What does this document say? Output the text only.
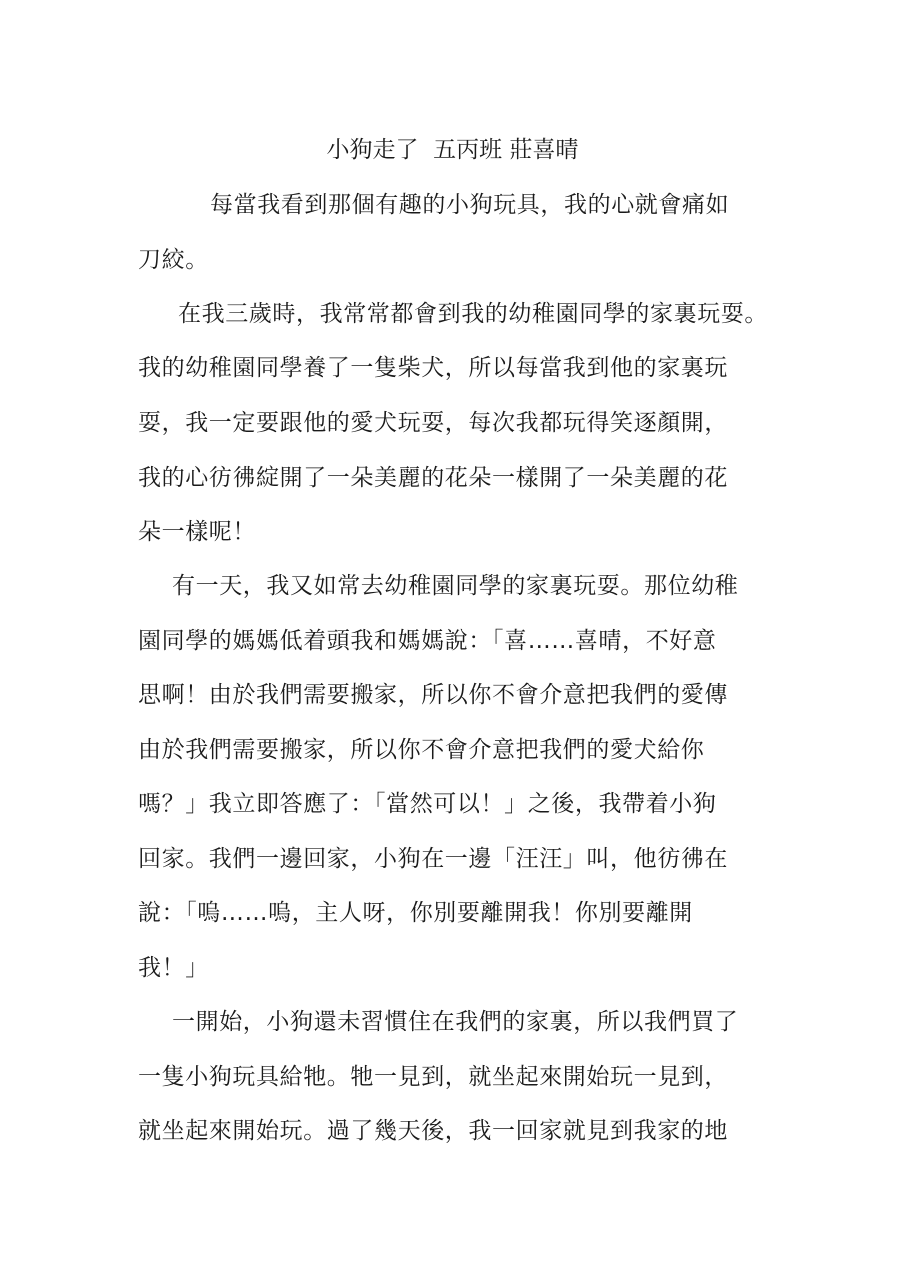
小狗走了  五丙班 莊喜晴
每當我看到那個有趣的小狗玩具，我的心就會痛如
刀絞。
在我三歲時，我常常都會到我的幼稚園同學的家裏玩耍。
我的幼稚園同學養了一隻柴犬，所以每當我到他的家裏玩
耍，我一定要跟他的愛犬玩耍，每次我都玩得笑逐顏開，
我的心彷彿綻開了一朵美麗的花朵一樣開了一朵美麗的花
朵一樣呢！
有一天，我又如常去幼稚園同學的家裏玩耍。那位幼稚
園同學的媽媽低着頭我和媽媽說：「喜……喜晴，不好意
思啊！由於我們需要搬家，所以你不會介意把我們的愛傳
由於我們需要搬家，所以你不會介意把我們的愛犬給你
嗎？」我立即答應了：「當然可以！」之後，我帶着小狗
回家。我們一邊回家，小狗在一邊「汪汪」叫，他彷彿在
說：「嗚……嗚，主人呀，你別要離開我！你別要離開
我！」
一開始，小狗還未習慣住在我們的家裏，所以我們買了
一隻小狗玩具給牠。牠一見到，就坐起來開始玩一見到，
就坐起來開始玩。過了幾天後，我一回家就見到我家的地
